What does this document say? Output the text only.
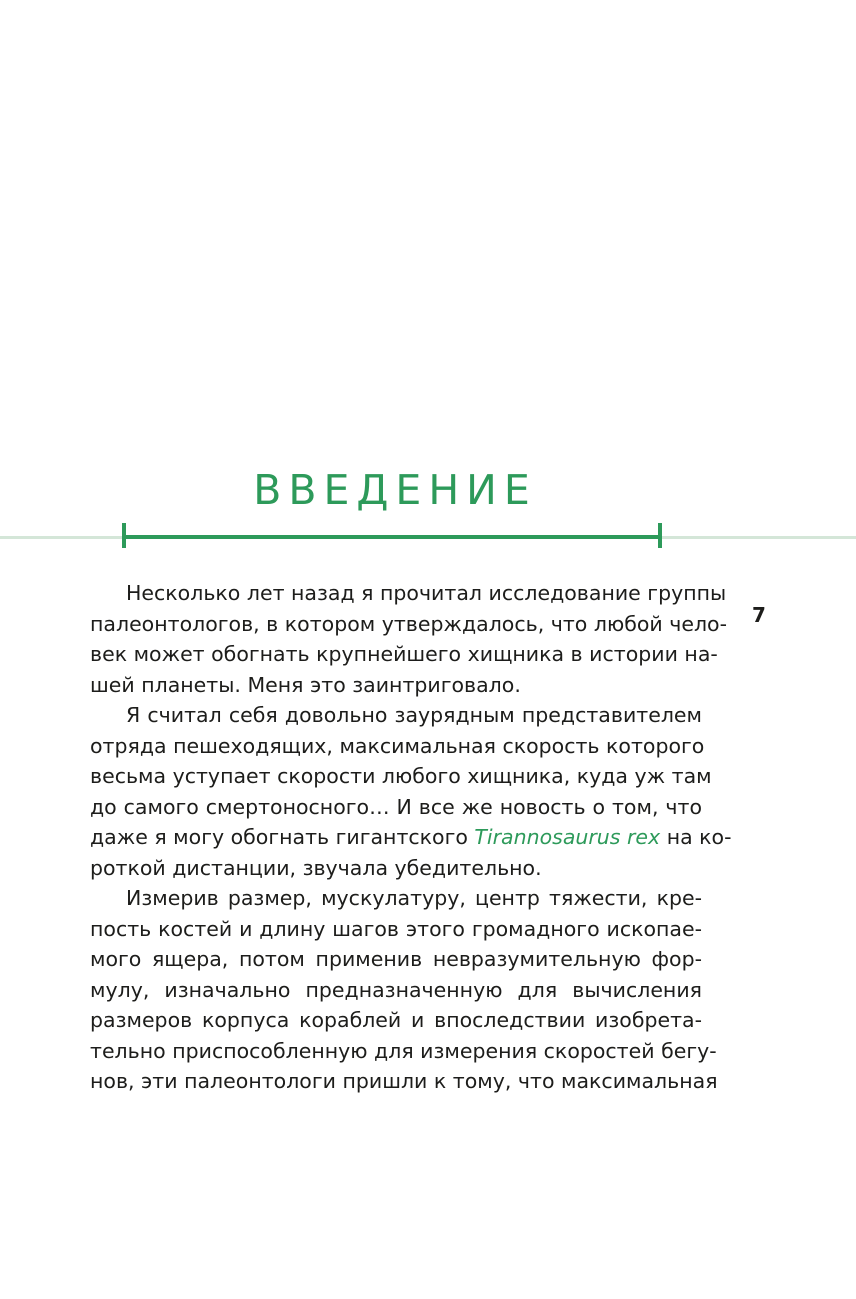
ВВЕДЕНИЕ
7

Несколько лет назад я прочитал исследование группы
палеонтологов, в котором утверждалось, что любой чело-
век может обогнать крупнейшего хищника в истории на-
шей планеты. Меня это заинтриговало.

Я считал себя довольно заурядным представителем
отряда пешеходящих, максимальная скорость которого
весьма уступает скорости любого хищника, куда уж там
до самого смертоносного… И все же новость о том, что
даже я могу обогнать гигантского Tirannosaurus rex на ко-
роткой дистанции, звучала убедительно.

Измерив размер, мускулатуру, центр тяжести, кре-
пость костей и длину шагов этого громадного ископае-
мого ящера, потом применив невразумительную фор-
мулу, изначально предназначенную для вычисления
размеров корпуса кораблей и впоследствии изобрета-
тельно приспособленную для измерения скоростей бегу-
нов, эти палеонтологи пришли к тому, что максимальная
